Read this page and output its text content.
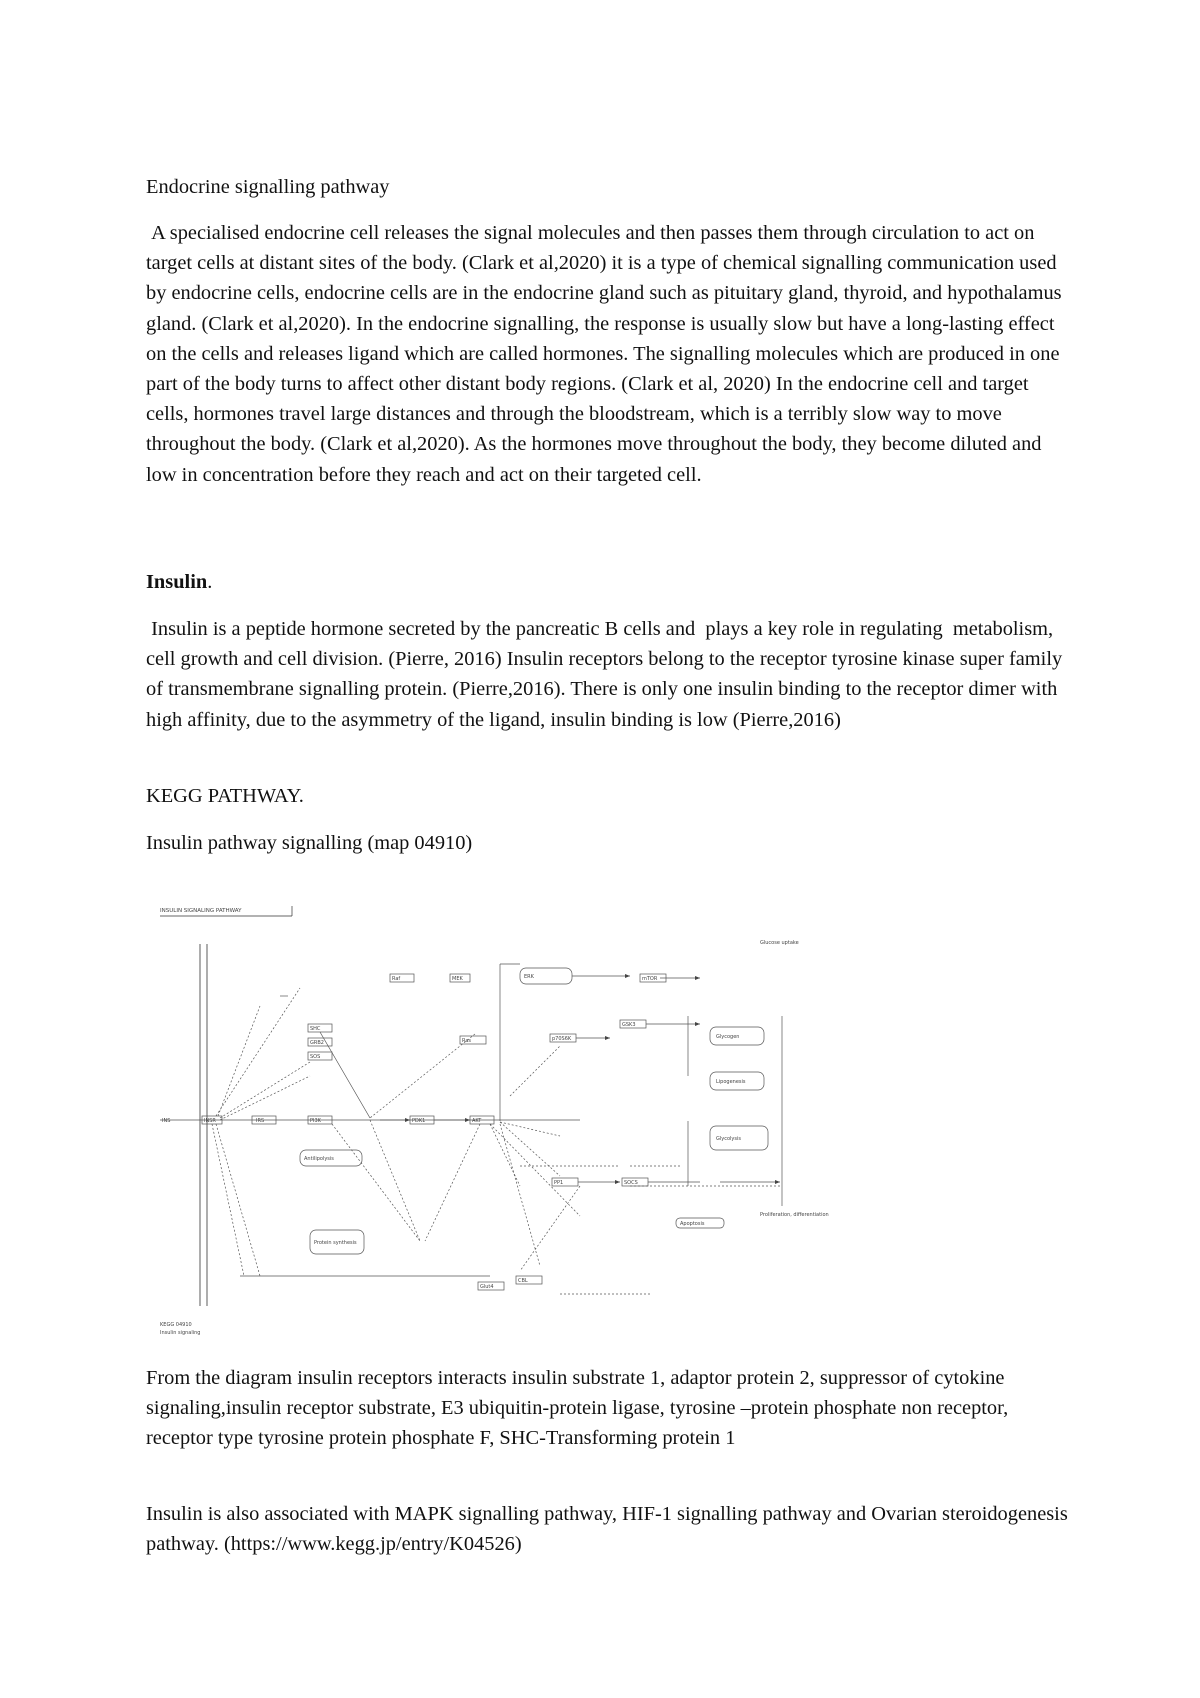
Endocrine signalling pathway

A specialised endocrine cell releases the signal molecules and then passes them through circulation to act on target cells at distant sites of the body. (Clark et al,2020) it is a type of chemical signalling communication used by endocrine cells, endocrine cells are in the endocrine gland such as pituitary gland, thyroid, and hypothalamus gland. (Clark et al,2020). In the endocrine signalling, the response is usually slow but have a long-lasting effect on the cells and releases ligand which are called hormones. The signalling molecules which are produced in one part of the body turns to affect other distant body regions. (Clark et al, 2020) In the endocrine cell and target cells, hormones travel large distances and through the bloodstream, which is a terribly slow way to move throughout the body. (Clark et al,2020). As the hormones move throughout the body, they become diluted and low in concentration before they reach and act on their targeted cell.

Insulin.

Insulin is a peptide hormone secreted by the pancreatic B cells and  plays a key role in regulating  metabolism, cell growth and cell division. (Pierre, 2016) Insulin receptors belong to the receptor tyrosine kinase super family of transmembrane signalling protein. (Pierre,2016). There is only one insulin binding to the receptor dimer with high affinity, due to the asymmetry of the ligand, insulin binding is low (Pierre,2016)

KEGG PATHWAY.

Insulin pathway signalling (map 04910)

INSULIN SIGNALING PATHWAY
INS	INSR	IRS	PI3K	PDK1	AKT
SHC
GRB2
SOS
Ras
Raf	MEK	ERK	mTOR
p70S6K
GSK3
Glycogen
Lipogenesis
Glycolysis
Antilipolysis
Protein synthesis
Apoptosis
PP1	SOCS
CBL
Glut4
Glucose uptake
Proliferation, differentiation
KEGG 04910
Insulin signaling

From the diagram insulin receptors interacts insulin substrate 1, adaptor protein 2, suppressor of cytokine signaling,insulin receptor substrate, E3 ubiquitin-protein ligase, tyrosine –protein phosphate non receptor, receptor type tyrosine protein phosphate F, SHC-Transforming protein 1

Insulin is also associated with MAPK signalling pathway, HIF-1 signalling pathway and Ovarian steroidogenesis pathway. (https://www.kegg.jp/entry/K04526)
